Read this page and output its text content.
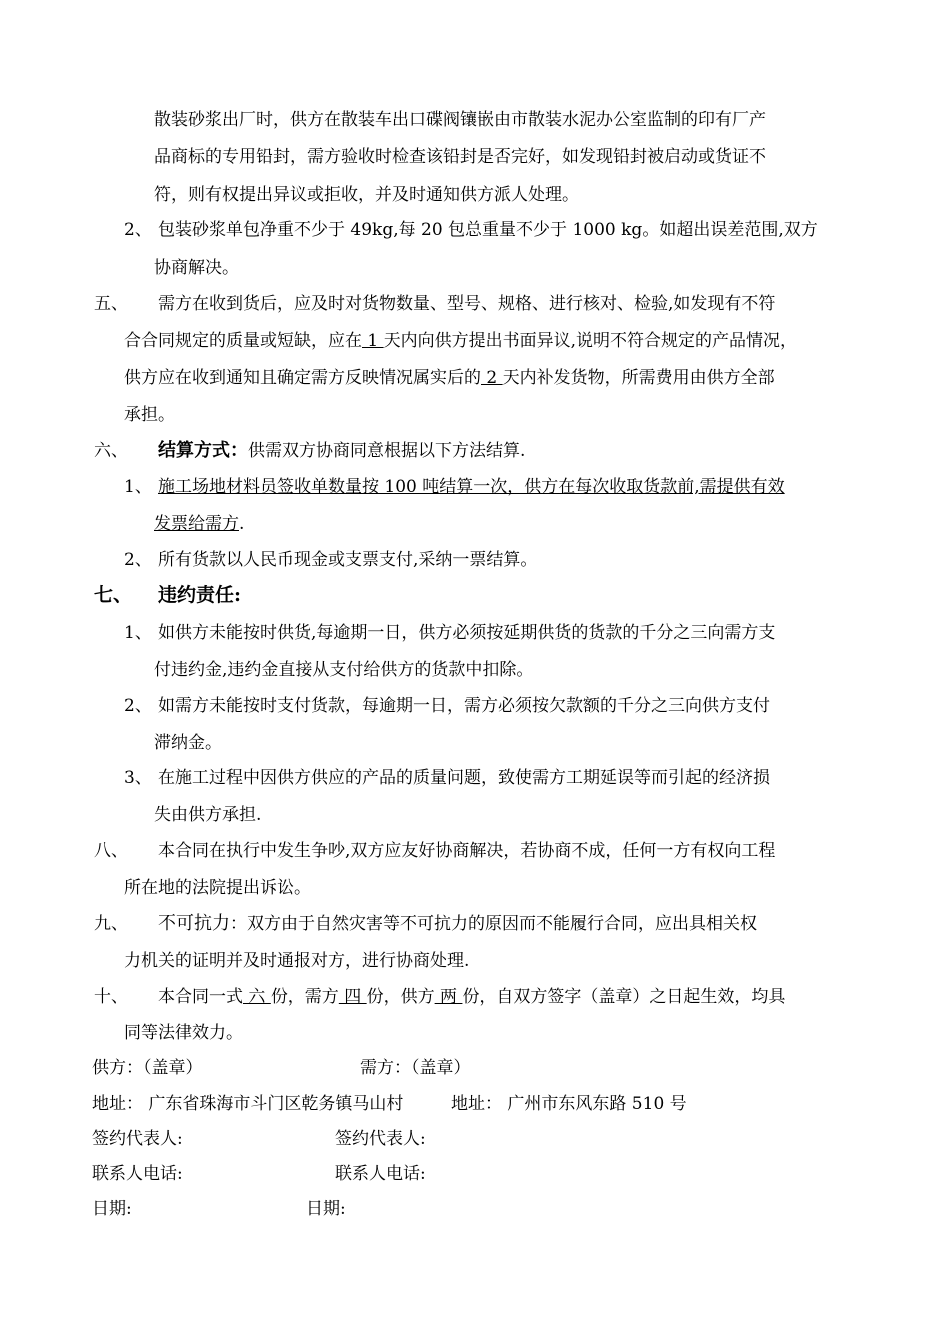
散装砂浆出厂时，供方在散装车出口碟阀镶嵌由市散装水泥办公室监制的印有厂产
品商标的专用铅封，需方验收时检查该铅封是否完好，如发现铅封被启动或货证不
符，则有权提出异议或拒收，并及时通知供方派人处理。
2、 包装砂浆单包净重不少于 49kg,每 20 包总重量不少于 1000 kg。如超出误差范围,双方
协商解决。
五、 需方在收到货后，应及时对货物数量、型号、规格、进行核对、检验,如发现有不符
合合同规定的质量或短缺，应在 1 天内向供方提出书面异议,说明不符合规定的产品情况，
供方应在收到通知且确定需方反映情况属实后的 2 天内补发货物，所需费用由供方全部
承担。
六、 结算方式：供需双方协商同意根据以下方法结算.
1、 施工场地材料员签收单数量按 100 吨结算一次，供方在每次收取货款前,需提供有效
发票给需方.
2、 所有货款以人民币现金或支票支付,采纳一票结算。
七、 违约责任:
1、 如供方未能按时供货,每逾期一日，供方必须按延期供货的货款的千分之三向需方支
付违约金,违约金直接从支付给供方的货款中扣除。
2、 如需方未能按时支付货款，每逾期一日，需方必须按欠款额的千分之三向供方支付
滞纳金。
3、 在施工过程中因供方供应的产品的质量问题，致使需方工期延误等而引起的经济损
失由供方承担.
八、 本合同在执行中发生争吵,双方应友好协商解决，若协商不成，任何一方有权向工程
所在地的法院提出诉讼。
九、 不可抗力：双方由于自然灾害等不可抗力的原因而不能履行合同，应出具相关权
力机关的证明并及时通报对方，进行协商处理.
十、 本合同一式 六 份，需方 四 份，供方 两 份，自双方签字（盖章）之日起生效，均具
同等法律效力。
供方：（盖章）	需方：（盖章）
地址： 广东省珠海市斗门区乾务镇马山村	地址： 广州市东风东路 510 号
签约代表人:	签约代表人:
联系人电话:	联系人电话:
日期:	日期:
